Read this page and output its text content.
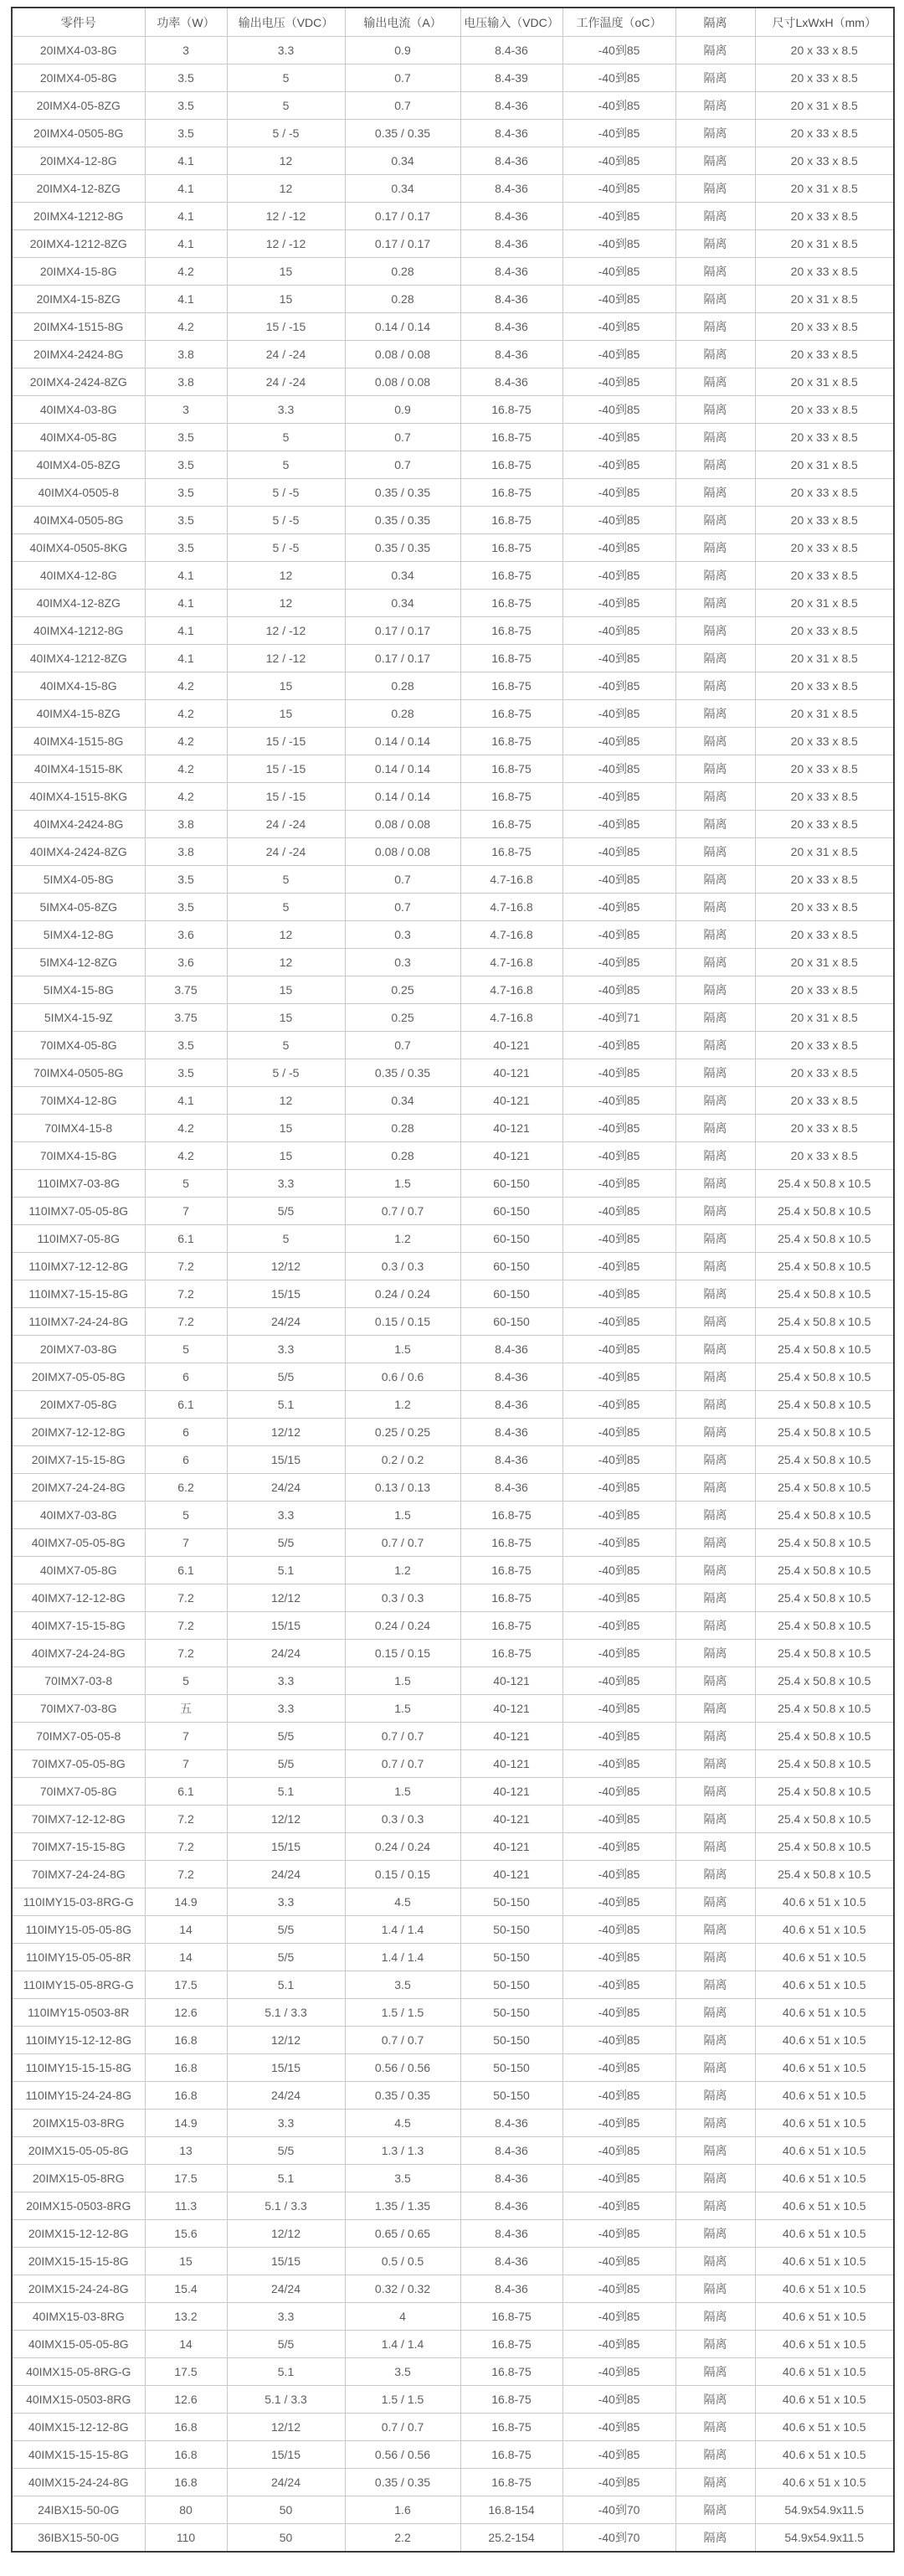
零件号	功率（W）	输出电压（VDC）	输出电流（A）	电压输入（VDC）	工作温度（oC）	隔离	尺寸LxWxH（mm）
20IMX4-03-8G	3	3.3	0.9	8.4-36	-40到85	隔离	20 x 33 x 8.5
20IMX4-05-8G	3.5	5	0.7	8.4-39	-40到85	隔离	20 x 33 x 8.5
20IMX4-05-8ZG	3.5	5	0.7	8.4-36	-40到85	隔离	20 x 31 x 8.5
20IMX4-0505-8G	3.5	5 / -5	0.35 / 0.35	8.4-36	-40到85	隔离	20 x 33 x 8.5
20IMX4-12-8G	4.1	12	0.34	8.4-36	-40到85	隔离	20 x 33 x 8.5
20IMX4-12-8ZG	4.1	12	0.34	8.4-36	-40到85	隔离	20 x 31 x 8.5
20IMX4-1212-8G	4.1	12 / -12	0.17 / 0.17	8.4-36	-40到85	隔离	20 x 33 x 8.5
20IMX4-1212-8ZG	4.1	12 / -12	0.17 / 0.17	8.4-36	-40到85	隔离	20 x 31 x 8.5
20IMX4-15-8G	4.2	15	0.28	8.4-36	-40到85	隔离	20 x 33 x 8.5
20IMX4-15-8ZG	4.1	15	0.28	8.4-36	-40到85	隔离	20 x 31 x 8.5
20IMX4-1515-8G	4.2	15 / -15	0.14 / 0.14	8.4-36	-40到85	隔离	20 x 33 x 8.5
20IMX4-2424-8G	3.8	24 / -24	0.08 / 0.08	8.4-36	-40到85	隔离	20 x 33 x 8.5
20IMX4-2424-8ZG	3.8	24 / -24	0.08 / 0.08	8.4-36	-40到85	隔离	20 x 31 x 8.5
40IMX4-03-8G	3	3.3	0.9	16.8-75	-40到85	隔离	20 x 33 x 8.5
40IMX4-05-8G	3.5	5	0.7	16.8-75	-40到85	隔离	20 x 33 x 8.5
40IMX4-05-8ZG	3.5	5	0.7	16.8-75	-40到85	隔离	20 x 31 x 8.5
40IMX4-0505-8	3.5	5 / -5	0.35 / 0.35	16.8-75	-40到85	隔离	20 x 33 x 8.5
40IMX4-0505-8G	3.5	5 / -5	0.35 / 0.35	16.8-75	-40到85	隔离	20 x 33 x 8.5
40IMX4-0505-8KG	3.5	5 / -5	0.35 / 0.35	16.8-75	-40到85	隔离	20 x 33 x 8.5
40IMX4-12-8G	4.1	12	0.34	16.8-75	-40到85	隔离	20 x 33 x 8.5
40IMX4-12-8ZG	4.1	12	0.34	16.8-75	-40到85	隔离	20 x 31 x 8.5
40IMX4-1212-8G	4.1	12 / -12	0.17 / 0.17	16.8-75	-40到85	隔离	20 x 33 x 8.5
40IMX4-1212-8ZG	4.1	12 / -12	0.17 / 0.17	16.8-75	-40到85	隔离	20 x 31 x 8.5
40IMX4-15-8G	4.2	15	0.28	16.8-75	-40到85	隔离	20 x 33 x 8.5
40IMX4-15-8ZG	4.2	15	0.28	16.8-75	-40到85	隔离	20 x 31 x 8.5
40IMX4-1515-8G	4.2	15 / -15	0.14 / 0.14	16.8-75	-40到85	隔离	20 x 33 x 8.5
40IMX4-1515-8K	4.2	15 / -15	0.14 / 0.14	16.8-75	-40到85	隔离	20 x 33 x 8.5
40IMX4-1515-8KG	4.2	15 / -15	0.14 / 0.14	16.8-75	-40到85	隔离	20 x 33 x 8.5
40IMX4-2424-8G	3.8	24 / -24	0.08 / 0.08	16.8-75	-40到85	隔离	20 x 33 x 8.5
40IMX4-2424-8ZG	3.8	24 / -24	0.08 / 0.08	16.8-75	-40到85	隔离	20 x 31 x 8.5
5IMX4-05-8G	3.5	5	0.7	4.7-16.8	-40到85	隔离	20 x 33 x 8.5
5IMX4-05-8ZG	3.5	5	0.7	4.7-16.8	-40到85	隔离	20 x 33 x 8.5
5IMX4-12-8G	3.6	12	0.3	4.7-16.8	-40到85	隔离	20 x 33 x 8.5
5IMX4-12-8ZG	3.6	12	0.3	4.7-16.8	-40到85	隔离	20 x 31 x 8.5
5IMX4-15-8G	3.75	15	0.25	4.7-16.8	-40到85	隔离	20 x 33 x 8.5
5IMX4-15-9Z	3.75	15	0.25	4.7-16.8	-40到71	隔离	20 x 31 x 8.5
70IMX4-05-8G	3.5	5	0.7	40-121	-40到85	隔离	20 x 33 x 8.5
70IMX4-0505-8G	3.5	5 / -5	0.35 / 0.35	40-121	-40到85	隔离	20 x 33 x 8.5
70IMX4-12-8G	4.1	12	0.34	40-121	-40到85	隔离	20 x 33 x 8.5
70IMX4-15-8	4.2	15	0.28	40-121	-40到85	隔离	20 x 33 x 8.5
70IMX4-15-8G	4.2	15	0.28	40-121	-40到85	隔离	20 x 33 x 8.5
110IMX7-03-8G	5	3.3	1.5	60-150	-40到85	隔离	25.4 x 50.8 x 10.5
110IMX7-05-05-8G	7	5/5	0.7 / 0.7	60-150	-40到85	隔离	25.4 x 50.8 x 10.5
110IMX7-05-8G	6.1	5	1.2	60-150	-40到85	隔离	25.4 x 50.8 x 10.5
110IMX7-12-12-8G	7.2	12/12	0.3 / 0.3	60-150	-40到85	隔离	25.4 x 50.8 x 10.5
110IMX7-15-15-8G	7.2	15/15	0.24 / 0.24	60-150	-40到85	隔离	25.4 x 50.8 x 10.5
110IMX7-24-24-8G	7.2	24/24	0.15 / 0.15	60-150	-40到85	隔离	25.4 x 50.8 x 10.5
20IMX7-03-8G	5	3.3	1.5	8.4-36	-40到85	隔离	25.4 x 50.8 x 10.5
20IMX7-05-05-8G	6	5/5	0.6 / 0.6	8.4-36	-40到85	隔离	25.4 x 50.8 x 10.5
20IMX7-05-8G	6.1	5.1	1.2	8.4-36	-40到85	隔离	25.4 x 50.8 x 10.5
20IMX7-12-12-8G	6	12/12	0.25 / 0.25	8.4-36	-40到85	隔离	25.4 x 50.8 x 10.5
20IMX7-15-15-8G	6	15/15	0.2 / 0.2	8.4-36	-40到85	隔离	25.4 x 50.8 x 10.5
20IMX7-24-24-8G	6.2	24/24	0.13 / 0.13	8.4-36	-40到85	隔离	25.4 x 50.8 x 10.5
40IMX7-03-8G	5	3.3	1.5	16.8-75	-40到85	隔离	25.4 x 50.8 x 10.5
40IMX7-05-05-8G	7	5/5	0.7 / 0.7	16.8-75	-40到85	隔离	25.4 x 50.8 x 10.5
40IMX7-05-8G	6.1	5.1	1.2	16.8-75	-40到85	隔离	25.4 x 50.8 x 10.5
40IMX7-12-12-8G	7.2	12/12	0.3 / 0.3	16.8-75	-40到85	隔离	25.4 x 50.8 x 10.5
40IMX7-15-15-8G	7.2	15/15	0.24 / 0.24	16.8-75	-40到85	隔离	25.4 x 50.8 x 10.5
40IMX7-24-24-8G	7.2	24/24	0.15 / 0.15	16.8-75	-40到85	隔离	25.4 x 50.8 x 10.5
70IMX7-03-8	5	3.3	1.5	40-121	-40到85	隔离	25.4 x 50.8 x 10.5
70IMX7-03-8G	五	3.3	1.5	40-121	-40到85	隔离	25.4 x 50.8 x 10.5
70IMX7-05-05-8	7	5/5	0.7 / 0.7	40-121	-40到85	隔离	25.4 x 50.8 x 10.5
70IMX7-05-05-8G	7	5/5	0.7 / 0.7	40-121	-40到85	隔离	25.4 x 50.8 x 10.5
70IMX7-05-8G	6.1	5.1	1.5	40-121	-40到85	隔离	25.4 x 50.8 x 10.5
70IMX7-12-12-8G	7.2	12/12	0.3 / 0.3	40-121	-40到85	隔离	25.4 x 50.8 x 10.5
70IMX7-15-15-8G	7.2	15/15	0.24 / 0.24	40-121	-40到85	隔离	25.4 x 50.8 x 10.5
70IMX7-24-24-8G	7.2	24/24	0.15 / 0.15	40-121	-40到85	隔离	25.4 x 50.8 x 10.5
110IMY15-03-8RG-G	14.9	3.3	4.5	50-150	-40到85	隔离	40.6 x 51 x 10.5
110IMY15-05-05-8G	14	5/5	1.4 / 1.4	50-150	-40到85	隔离	40.6 x 51 x 10.5
110IMY15-05-05-8R	14	5/5	1.4 / 1.4	50-150	-40到85	隔离	40.6 x 51 x 10.5
110IMY15-05-8RG-G	17.5	5.1	3.5	50-150	-40到85	隔离	40.6 x 51 x 10.5
110IMY15-0503-8R	12.6	5.1 / 3.3	1.5 / 1.5	50-150	-40到85	隔离	40.6 x 51 x 10.5
110IMY15-12-12-8G	16.8	12/12	0.7 / 0.7	50-150	-40到85	隔离	40.6 x 51 x 10.5
110IMY15-15-15-8G	16.8	15/15	0.56 / 0.56	50-150	-40到85	隔离	40.6 x 51 x 10.5
110IMY15-24-24-8G	16.8	24/24	0.35 / 0.35	50-150	-40到85	隔离	40.6 x 51 x 10.5
20IMX15-03-8RG	14.9	3.3	4.5	8.4-36	-40到85	隔离	40.6 x 51 x 10.5
20IMX15-05-05-8G	13	5/5	1.3 / 1.3	8.4-36	-40到85	隔离	40.6 x 51 x 10.5
20IMX15-05-8RG	17.5	5.1	3.5	8.4-36	-40到85	隔离	40.6 x 51 x 10.5
20IMX15-0503-8RG	11.3	5.1 / 3.3	1.35 / 1.35	8.4-36	-40到85	隔离	40.6 x 51 x 10.5
20IMX15-12-12-8G	15.6	12/12	0.65 / 0.65	8.4-36	-40到85	隔离	40.6 x 51 x 10.5
20IMX15-15-15-8G	15	15/15	0.5 / 0.5	8.4-36	-40到85	隔离	40.6 x 51 x 10.5
20IMX15-24-24-8G	15.4	24/24	0.32 / 0.32	8.4-36	-40到85	隔离	40.6 x 51 x 10.5
40IMX15-03-8RG	13.2	3.3	4	16.8-75	-40到85	隔离	40.6 x 51 x 10.5
40IMX15-05-05-8G	14	5/5	1.4 / 1.4	16.8-75	-40到85	隔离	40.6 x 51 x 10.5
40IMX15-05-8RG-G	17.5	5.1	3.5	16.8-75	-40到85	隔离	40.6 x 51 x 10.5
40IMX15-0503-8RG	12.6	5.1 / 3.3	1.5 / 1.5	16.8-75	-40到85	隔离	40.6 x 51 x 10.5
40IMX15-12-12-8G	16.8	12/12	0.7 / 0.7	16.8-75	-40到85	隔离	40.6 x 51 x 10.5
40IMX15-15-15-8G	16.8	15/15	0.56 / 0.56	16.8-75	-40到85	隔离	40.6 x 51 x 10.5
40IMX15-24-24-8G	16.8	24/24	0.35 / 0.35	16.8-75	-40到85	隔离	40.6 x 51 x 10.5
24IBX15-50-0G	80	50	1.6	16.8-154	-40到70	隔离	54.9x54.9x11.5
36IBX15-50-0G	110	50	2.2	25.2-154	-40到70	隔离	54.9x54.9x11.5
